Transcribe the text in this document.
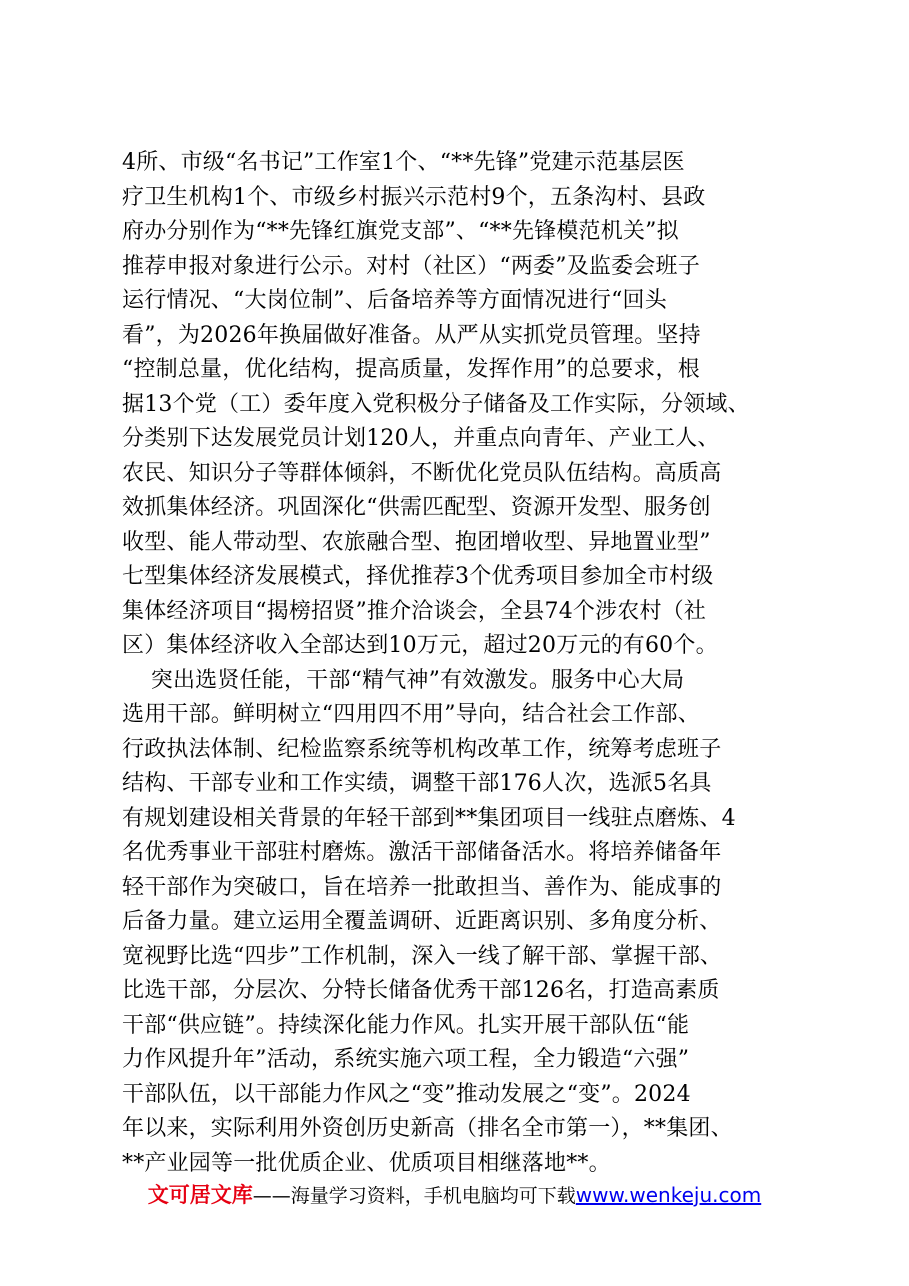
4所、市级“名书记”工作室1个、“**先锋”党建示范基层医
疗卫生机构1个、市级乡村振兴示范村9个，五条沟村、县政
府办分别作为“**先锋红旗党支部”、“**先锋模范机关”拟
推荐申报对象进行公示。对村（社区）“两委”及监委会班子
运行情况、“大岗位制”、后备培养等方面情况进行“回头
看”，为2026年换届做好准备。从严从实抓党员管理。坚持
“控制总量，优化结构，提高质量，发挥作用”的总要求，根
据13个党（工）委年度入党积极分子储备及工作实际，分领域、
分类别下达发展党员计划120人，并重点向青年、产业工人、
农民、知识分子等群体倾斜，不断优化党员队伍结构。高质高
效抓集体经济。巩固深化“供需匹配型、资源开发型、服务创
收型、能人带动型、农旅融合型、抱团增收型、异地置业型”
七型集体经济发展模式，择优推荐3个优秀项目参加全市村级
集体经济项目“揭榜招贤”推介洽谈会，全县74个涉农村（社
区）集体经济收入全部达到10万元，超过20万元的有60个。
突出选贤任能，干部“精气神”有效激发。服务中心大局
选用干部。鲜明树立“四用四不用”导向，结合社会工作部、
行政执法体制、纪检监察系统等机构改革工作，统筹考虑班子
结构、干部专业和工作实绩，调整干部176人次，选派5名具
有规划建设相关背景的年轻干部到**集团项目一线驻点磨炼、4
名优秀事业干部驻村磨炼。激活干部储备活水。将培养储备年
轻干部作为突破口，旨在培养一批敢担当、善作为、能成事的
后备力量。建立运用全覆盖调研、近距离识别、多角度分析、
宽视野比选“四步”工作机制，深入一线了解干部、掌握干部、
比选干部，分层次、分特长储备优秀干部126名，打造高素质
干部“供应链”。持续深化能力作风。扎实开展干部队伍“能
力作风提升年”活动，系统实施六项工程，全力锻造“六强”
干部队伍，以干部能力作风之“变”推动发展之“变”。2024
年以来，实际利用外资创历史新高（排名全市第一），**集团、
**产业园等一批优质企业、优质项目相继落地**。
文可居文库——海量学习资料，手机电脑均可下载www.wenkeju.com
